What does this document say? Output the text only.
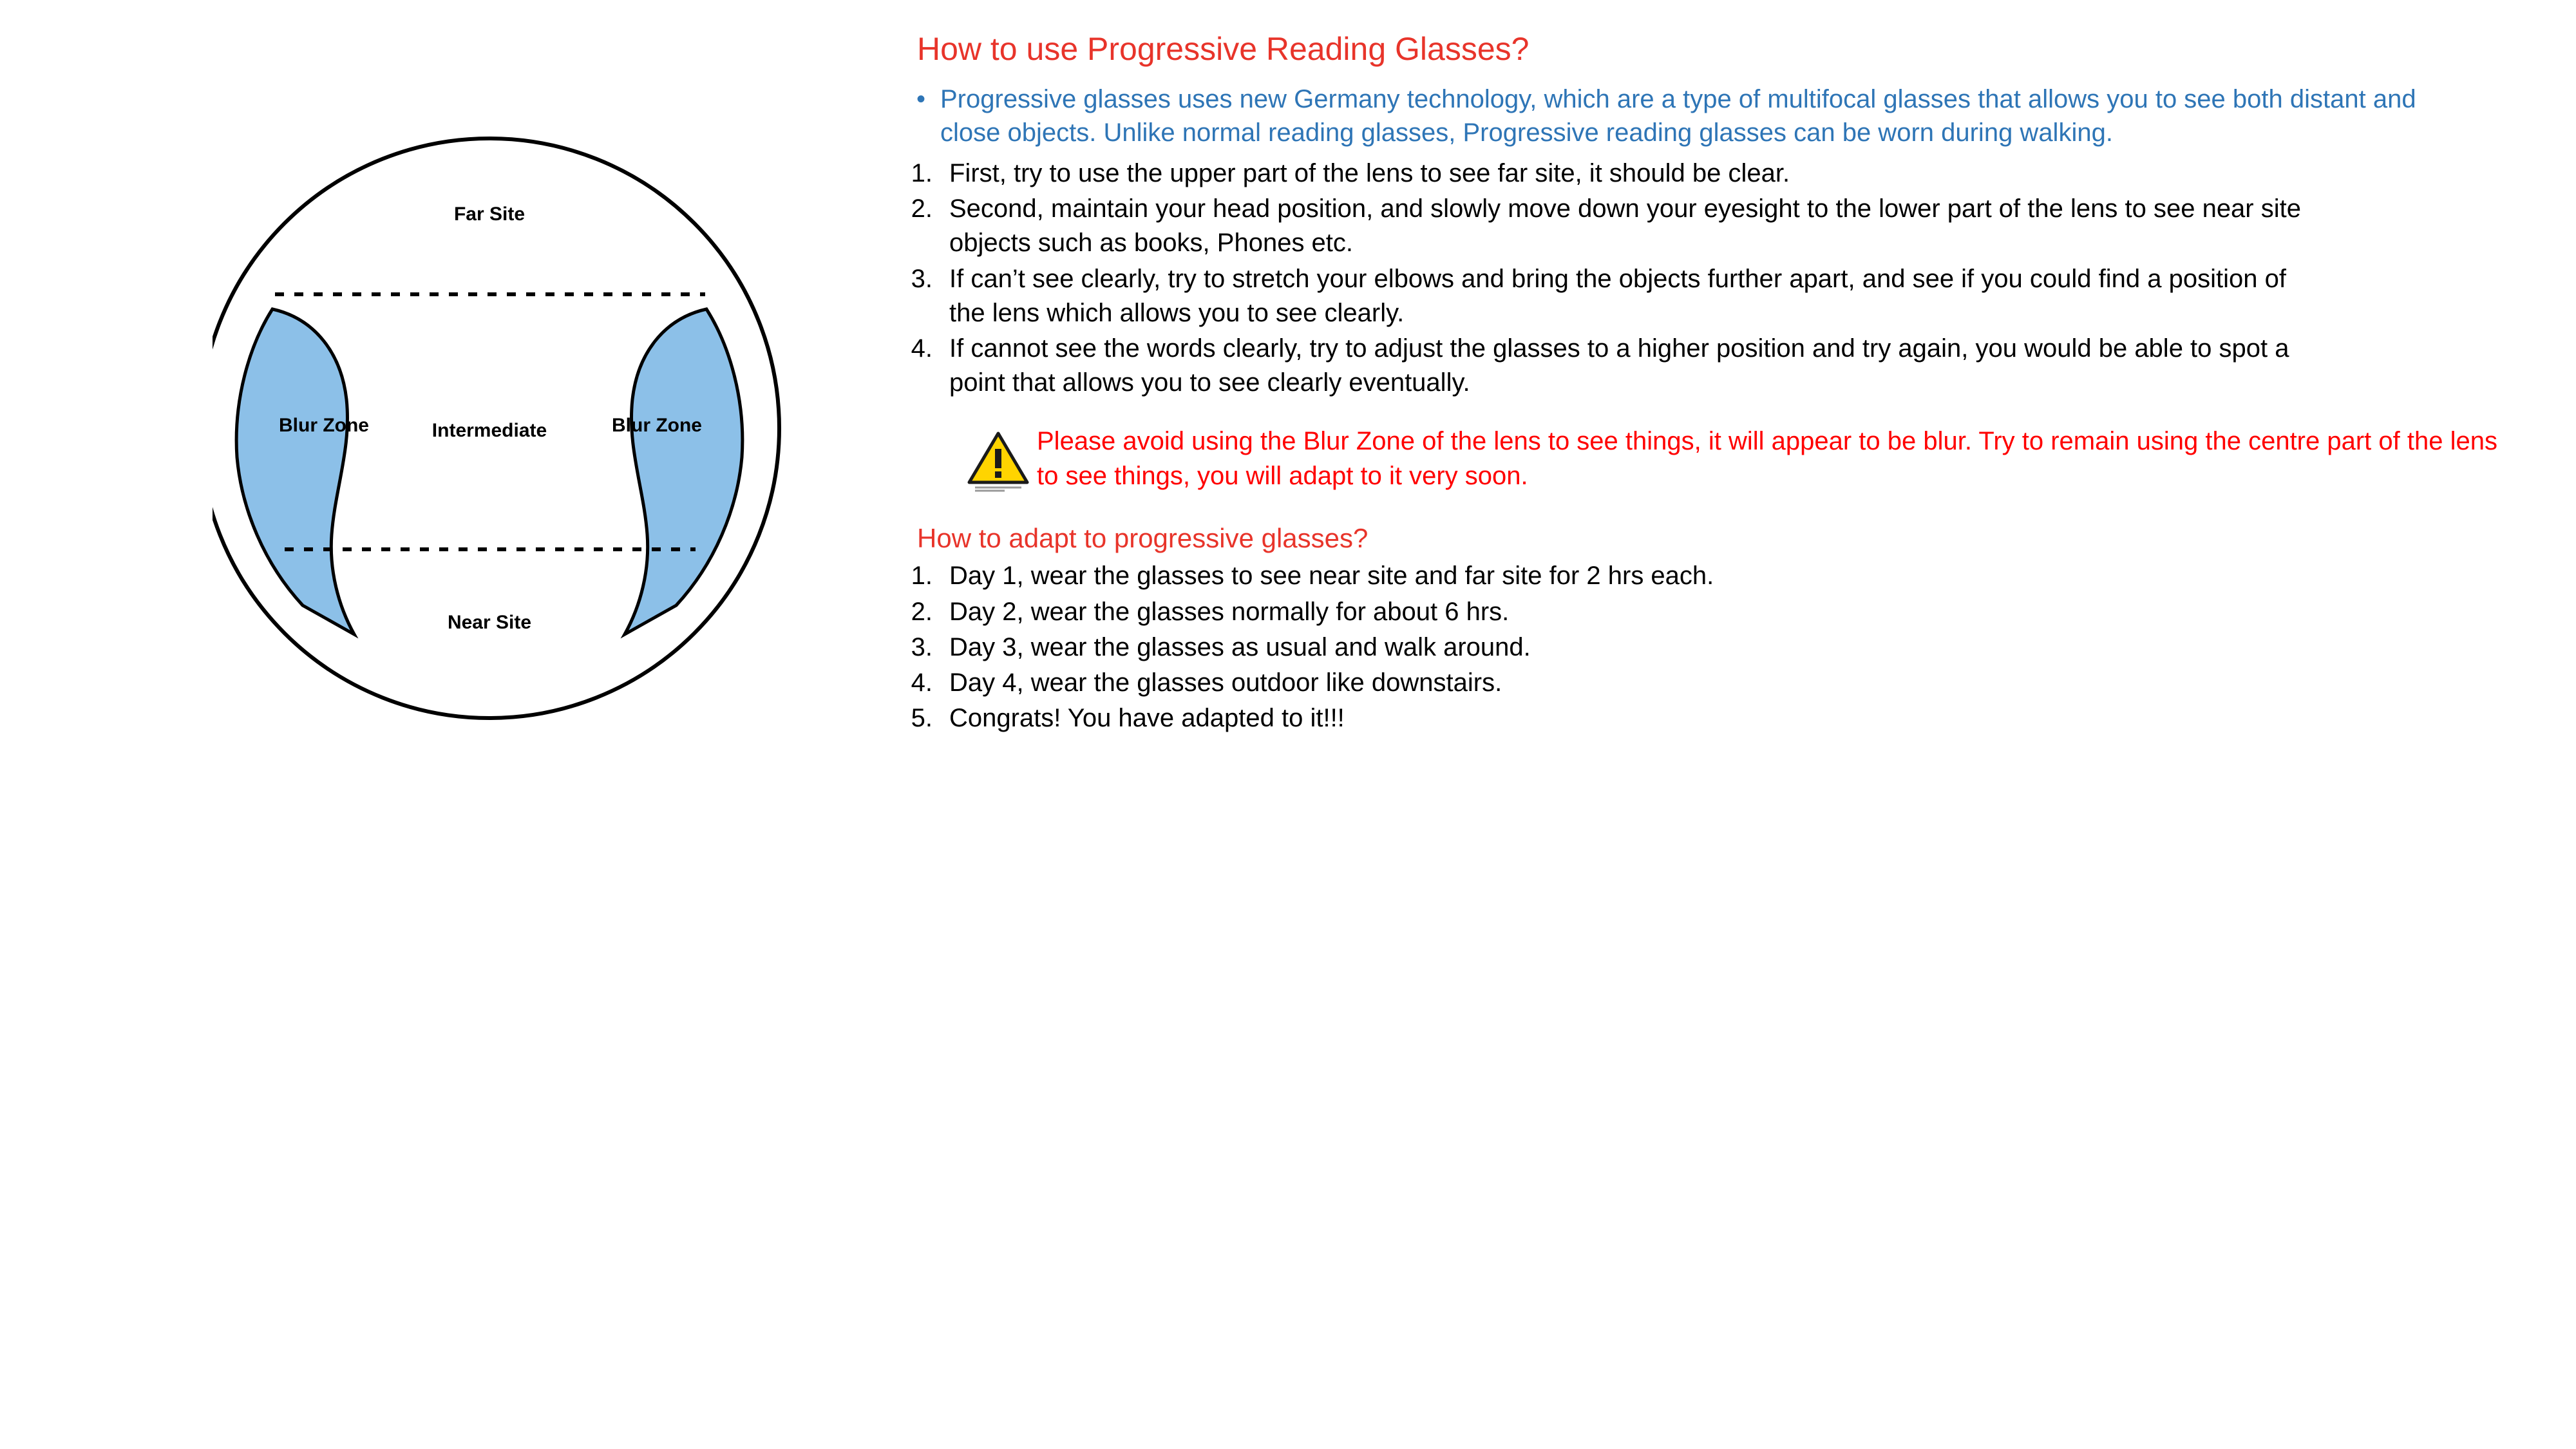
Far Site
Intermediate
Near Site
Blur Zone	Blur Zone
How to use Progressive Reading Glasses?
• Progressive glasses uses new Germany technology, which are a type of multifocal glasses that allows you to see both distant and close objects. Unlike normal reading glasses, Progressive reading glasses can be worn during walking.
1. First, try to use the upper part of the lens to see far site, it should be clear.
2. Second, maintain your head position, and slowly move down your eyesight to the lower part of the lens to see near site objects such as books, Phones etc.
3. If can’t see clearly, try to stretch your elbows and bring the objects further apart, and see if you could find a position of the lens which allows you to see clearly.
4. If cannot see the words clearly, try to adjust the glasses to a higher position and try again, you would be able to spot a point that allows you to see clearly eventually.
Please avoid using the Blur Zone of the lens to see things, it will appear to be blur. Try to remain using the centre part of the lens to see things, you will adapt to it very soon.
How to adapt to progressive glasses?
1. Day 1, wear the glasses to see near site and far site for 2 hrs each.
2. Day 2, wear the glasses normally for about 6 hrs.
3. Day 3, wear the glasses as usual and walk around.
4. Day 4, wear the glasses outdoor like downstairs.
5. Congrats! You have adapted to it!!!
